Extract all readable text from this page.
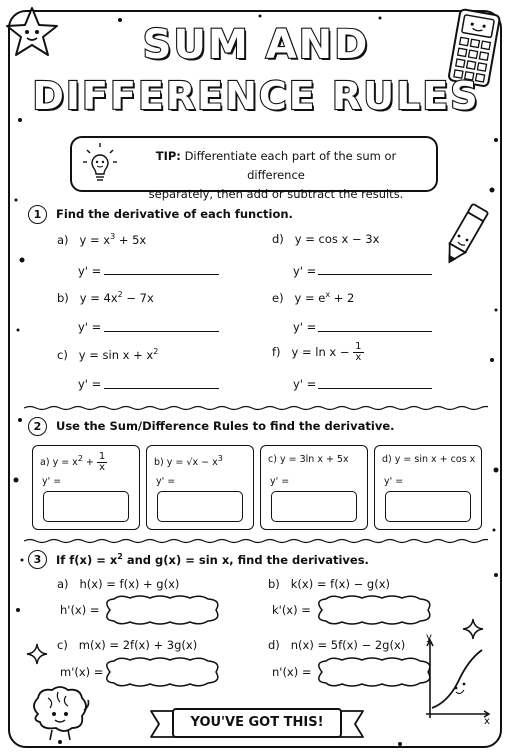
SUM AND
DIFFERENCE RULES
TIP: Differentiate each part of the sum or difference
separately, then add or subtract the results.
1	Find the derivative of each function.
a) $y = x^3 + 5x$
y' =
b) $y = 4x^2 - 7x$
y' =
c) $y = \sin x + x^2$
y' =
d) y = cos x − 3x
y' =
e) $y = e^x + 2$
y' =
f) $y = \ln x - \frac{1}{x}$
y' =
2	Use the Sum/Difference Rules to find the derivative.
a) $y = x^2 + \frac{1}{x}$
y' =
b) $y = √x - x^3$
y' =
c) y = 3ln x + 5x
y' =
d) y = sin x + cos x
y' =
3	If $f(x) = x^2$ and g(x) = sin x, find the derivatives.
a) h(x) = f(x) + g(x)
h'(x) =
b) k(x) = f(x) − g(x)
k'(x) =
c) m(x) = 2f(x) + 3g(x)
m'(x) =
d) n(x) = 5f(x) − 2g(x)
n'(x) =
y
x
YOU'VE GOT THIS!
